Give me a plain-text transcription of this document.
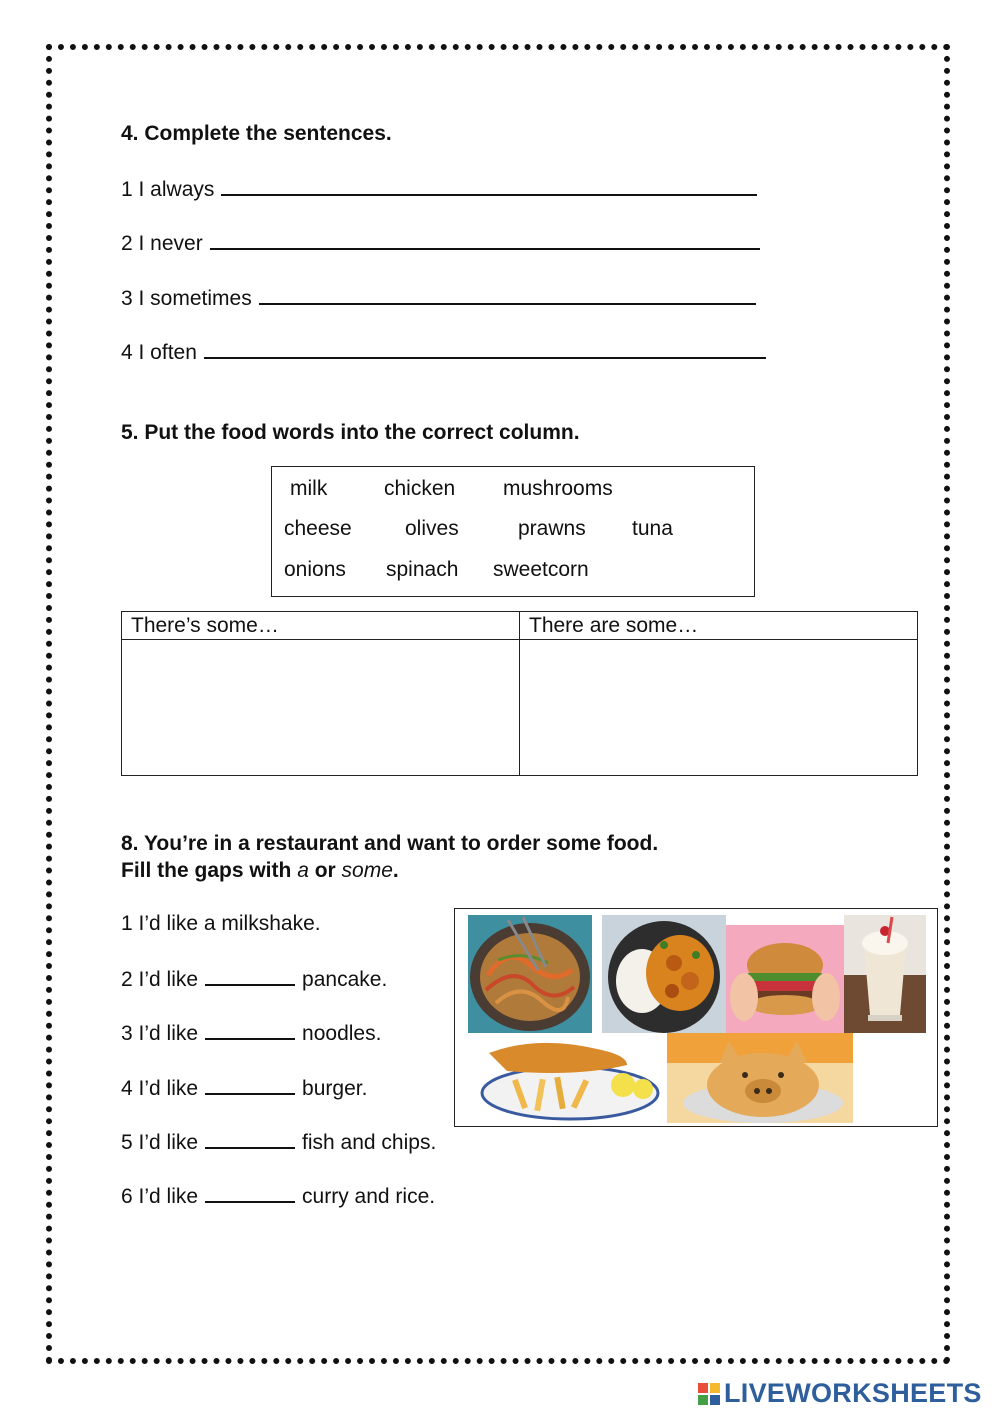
4. Complete the sentences.
1 I always
2 I never
3 I sometimes
4 I often
5. Put the food words into the correct column.
milk	chicken mushrooms
cheese	olives	prawns tuna
onions spinach sweetcorn
There’s some…	There are some…

8. You’re in a restaurant and want to order some food.
Fill the gaps with a or some.
1 I’d like a milkshake.
2 I’d like	pancake.
3 I’d like	noodles.
4 I’d like	burger.
5 I’d like	fish and chips.
6 I’d like	curry and rice.
LIVEWORKSHEETS
